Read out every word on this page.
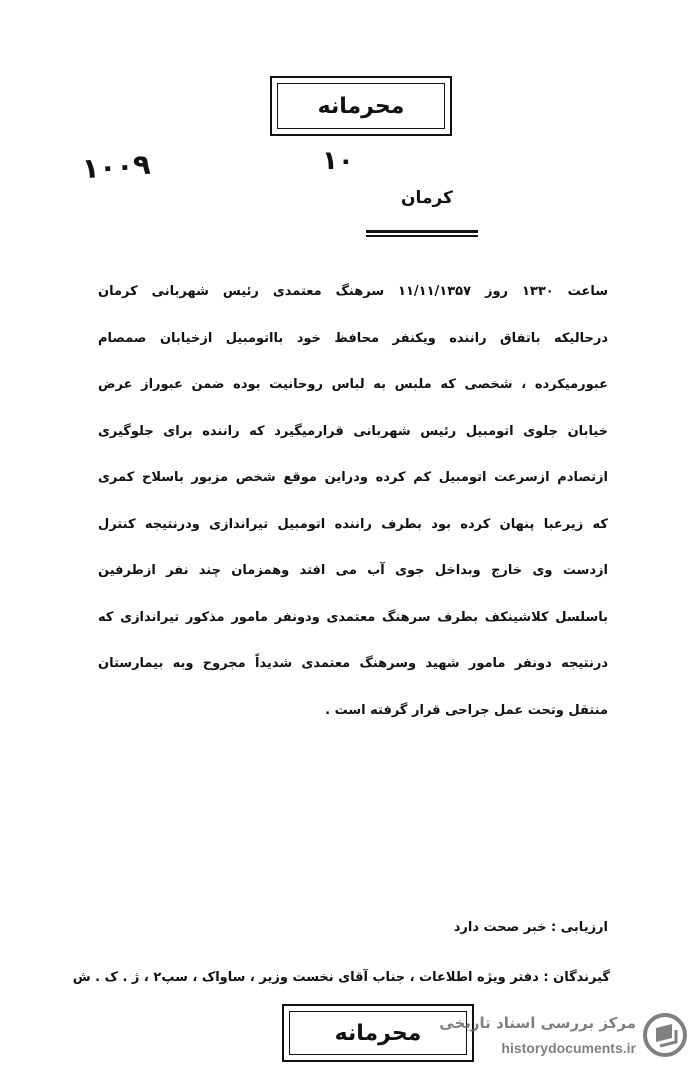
محرمانه
۱۰۰۹	۱۰
کرمان
ساعت ۱۳۳۰ روز ۱۱/۱۱/۱۳۵۷ سرهنگ معتمدی رئیس شهربانی کرمان
درحالیکه باتفاق راننده ویکنفر محافظ خود بااتومبیل ازخیابان صمصام
عبورمیکرده ، شخصی که ملبس به لباس روحانیت بوده ضمن عبوراز عرض
خیابان جلوی اتومبیل رئیس شهربانی قرارمیگیرد که راننده برای جلوگیری
ازتصادم ازسرعت اتومبیل کم کرده ودراین موقع شخص مزبور باسلاح کمری
که زیرعبا پنهان کرده بود بطرف راننده اتومبیل تیراندازی ودرنتیجه کنترل
ازدست وی خارج وبداخل جوی آب می افتد وهمزمان چند نفر ازطرفین
باسلسل کلاشینکف بطرف سرهنگ معتمدی ودونفر مامور مذکور تیراندازی که
درنتیجه دونفر مامور شهید وسرهنگ معتمدی شدیداً مجروح وبه بیمارستان
منتقل وتحت عمل جراحی قرار گرفته است .
ارزیابی : خبر صحت دارد
گیرندگان : دفتر ویژه اطلاعات ، جناب آقای نخست وزیر ، ساواک ، سپ۲ ، ژ . ک . ش
محرمانه	مرکز بررسی اسناد تاریخی
historydocuments.ir
